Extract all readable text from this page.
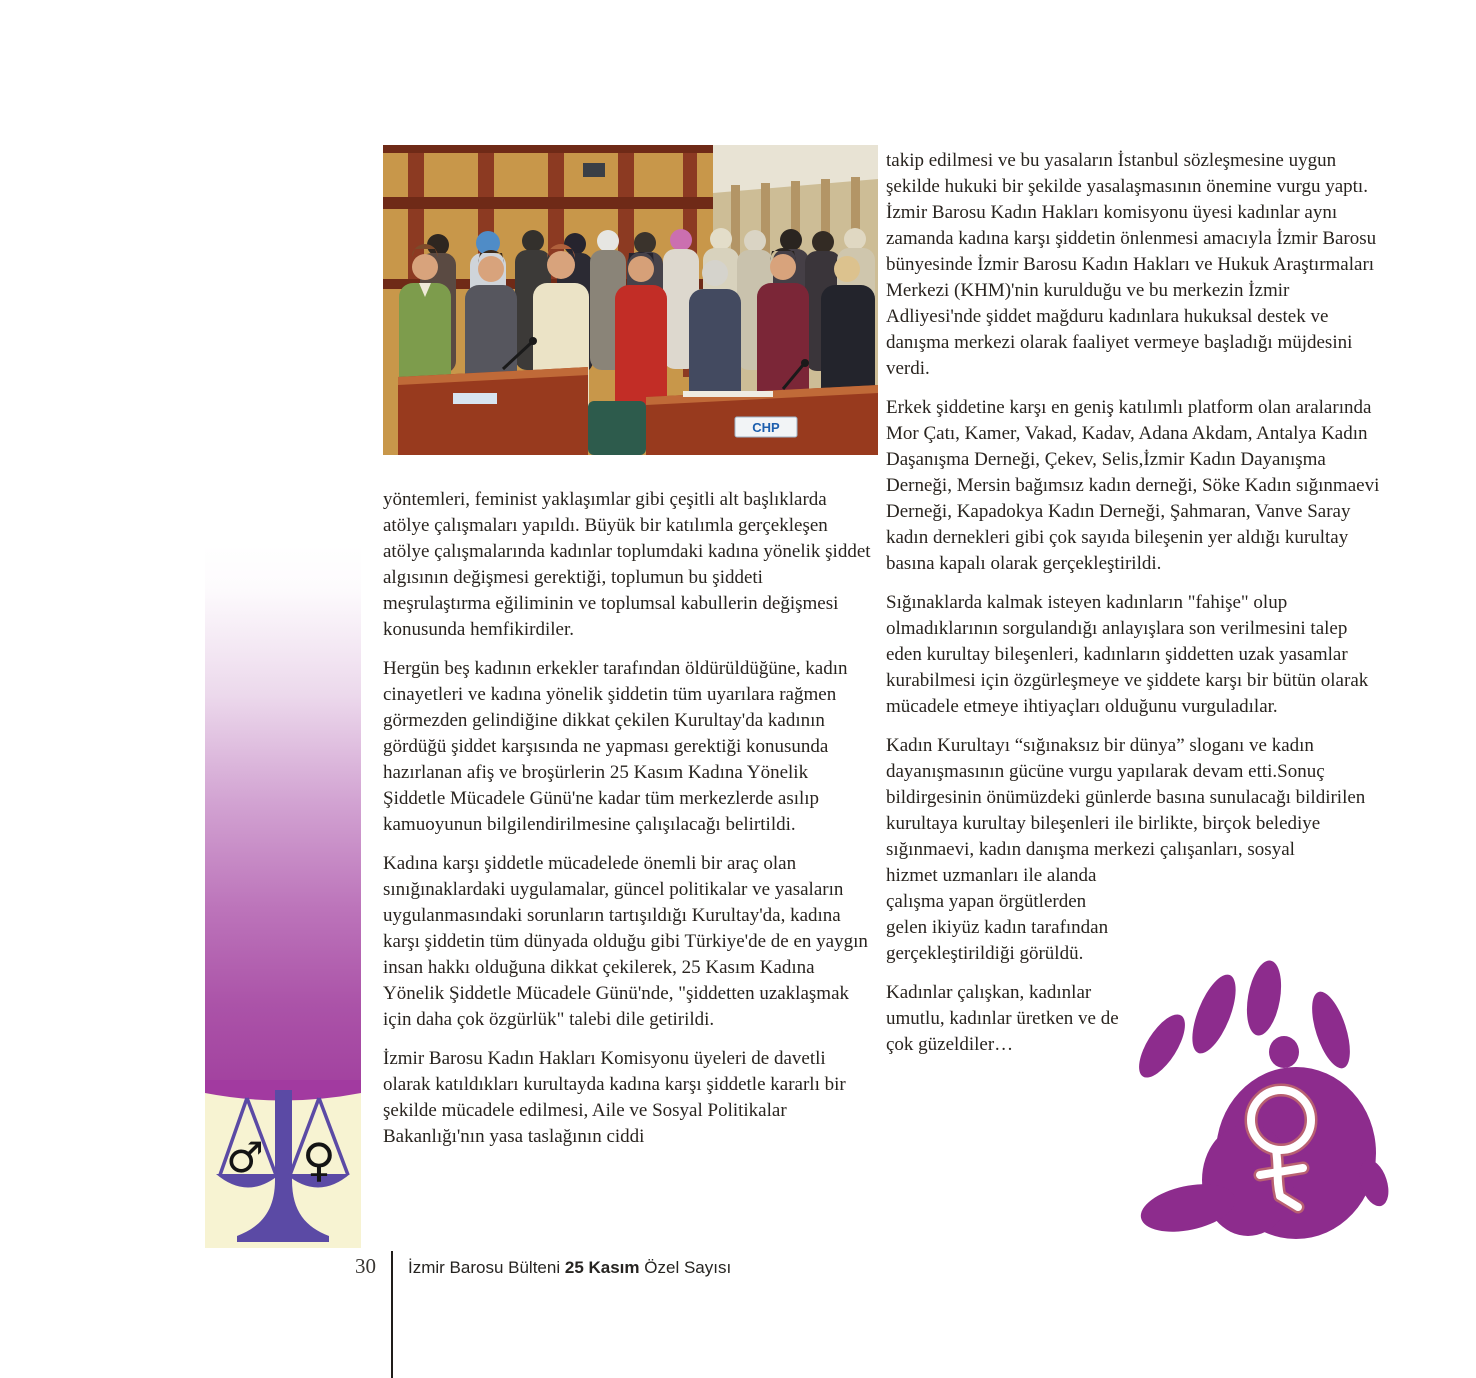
CHP

yöntemleri, feminist yaklaşımlar gibi çeşitli alt başlıklarda atölye çalışmaları yapıldı. Büyük bir katılımla gerçekleşen atölye çalışmalarında kadınlar toplumdaki kadına yönelik şiddet algısının değişmesi gerektiği, toplumun bu şiddeti meşrulaştırma eğiliminin ve toplumsal kabullerin değişmesi konusunda hemfikirdiler.

Hergün beş kadının erkekler tarafından öldürüldüğüne, kadın cinayetleri ve kadına yönelik şiddetin tüm uyarılara rağmen görmezden gelindiğine dikkat çekilen Kurultay'da kadının gördüğü şiddet karşısında ne yapması gerektiği konusunda hazırlanan afiş ve broşürlerin 25 Kasım Kadına Yönelik Şiddetle Mücadele Günü'ne kadar tüm merkezlerde asılıp kamuoyunun bilgilendirilmesine çalışılacağı belirtildi.

Kadına karşı şiddetle mücadelede önemli bir araç olan sınığınaklardaki uygulamalar, güncel politikalar ve yasaların uygulanmasındaki sorunların tartışıldığı Kurultay'da, kadına karşı şiddetin tüm dünyada olduğu gibi Türkiye'de de en yaygın insan hakkı olduğuna dikkat çekilerek, 25 Kasım Kadına Yönelik Şiddetle Mücadele Günü'nde, "şiddetten uzaklaşmak için daha çok özgürlük" talebi dile getirildi.

İzmir Barosu Kadın Hakları Komisyonu üyeleri de davetli olarak katıldıkları kurultayda kadına karşı şiddetle kararlı bir şekilde mücadele edilmesi, Aile ve Sosyal Politikalar Bakanlığı'nın yasa taslağının ciddi

takip edilmesi ve bu yasaların İstanbul sözleşmesine uygun şekilde hukuki bir şekilde yasalaşmasının önemine vurgu yaptı. İzmir Barosu Kadın Hakları komisyonu üyesi kadınlar aynı zamanda kadına karşı şiddetin önlenmesi amacıyla İzmir Barosu bünyesinde İzmir Barosu Kadın Hakları ve Hukuk Araştırmaları Merkezi (KHM)'nin kurulduğu ve bu merkezin İzmir Adliyesi'nde şiddet mağduru kadınlara hukuksal destek ve danışma merkezi olarak faaliyet vermeye başladığı müjdesini verdi.

Erkek şiddetine karşı en geniş katılımlı platform olan aralarında Mor Çatı, Kamer, Vakad, Kadav, Adana Akdam, Antalya Kadın Daşanışma Derneği, Çekev, Selis,İzmir Kadın Dayanışma Derneği, Mersin bağımsız kadın derneği, Söke Kadın sığınmaevi Derneği, Kapadokya Kadın Derneği, Şahmaran, Vanve Saray kadın dernekleri gibi çok sayıda bileşenin yer aldığı kurultay basına kapalı olarak gerçekleştirildi.

Sığınaklarda kalmak isteyen kadınların "fahişe" olup olmadıklarının sorgulandığı anlayışlara son verilmesini talep eden kurultay bileşenleri, kadınların şiddetten uzak yasamlar kurabilmesi için özgürleşmeye ve şiddete karşı bir bütün olarak mücadele etmeye ihtiyaçları olduğunu vurguladılar.

Kadın Kurultayı “sığınaksız bir dünya” sloganı ve kadın dayanışmasının gücüne vurgu yapılarak devam etti.Sonuç bildirgesinin önümüzdeki günlerde basına sunulacağı bildirilen kurultaya kurultay bileşenleri ile birlikte, birçok belediye sığınmaevi, kadın danışma merkezi çalışanları, sosyal

hizmet uzmanları ile alanda çalışma yapan örgütlerden gelen ikiyüz kadın tarafından gerçekleştirildiği görüldü.

Kadınlar çalışkan, kadınlar umutlu, kadınlar üretken ve de çok güzeldiler…

♂ ♀
30 İzmir Barosu Bülteni 25 Kasım Özel Sayısı
